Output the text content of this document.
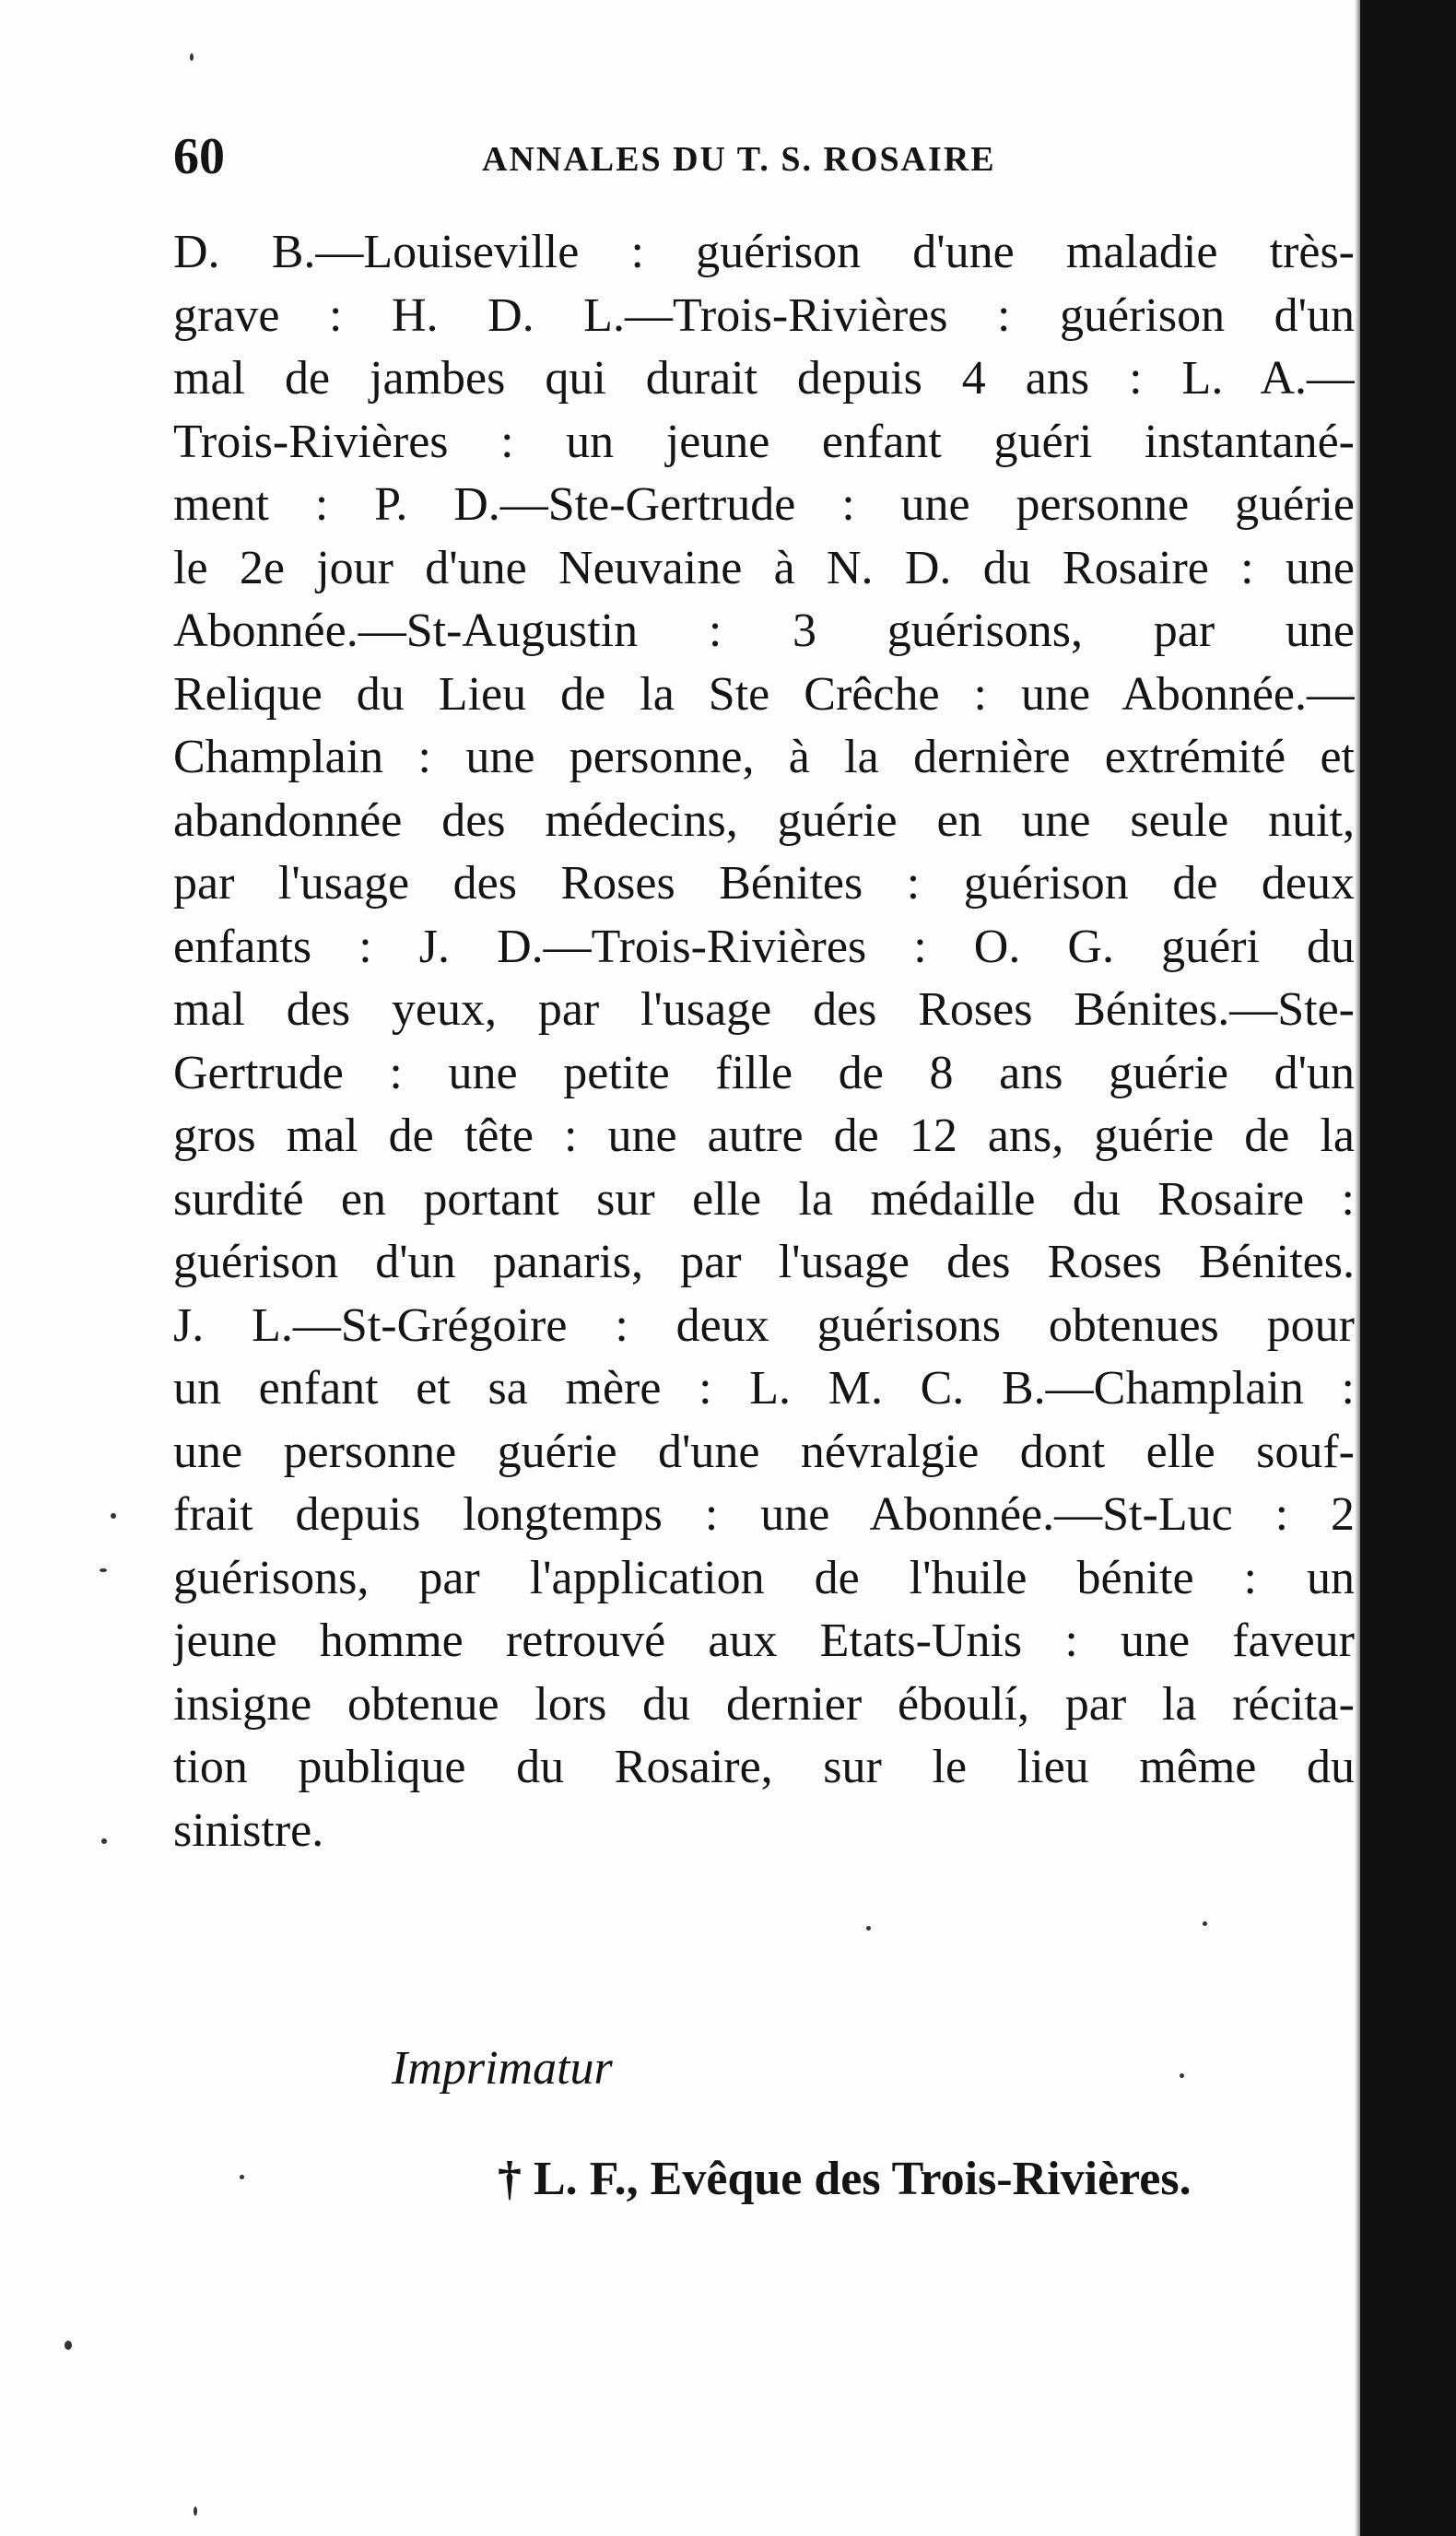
60	ANNALES DU T. S. ROSAIRE
D. B.—Louiseville : guérison d'une maladie très-
grave : H. D. L.—Trois-Rivières : guérison d'un
mal de jambes qui durait depuis 4 ans : L. A.—
Trois-Rivières : un jeune enfant guéri instantané-
ment : P. D.—Ste-Gertrude : une personne guérie
le 2e jour d'une Neuvaine à N. D. du Rosaire : une
Abonnée.—St-Augustin : 3 guérisons, par une
Relique du Lieu de la Ste Crêche : une Abonnée.—
Champlain : une personne, à la dernière extrémité et
abandonnée des médecins, guérie en une seule nuit,
par l'usage des Roses Bénites : guérison de deux
enfants : J. D.—Trois-Rivières : O. G. guéri du
mal des yeux, par l'usage des Roses Bénites.—Ste-
Gertrude : une petite fille de 8 ans guérie d'un
gros mal de tête : une autre de 12 ans, guérie de la
surdité en portant sur elle la médaille du Rosaire :
guérison d'un panaris, par l'usage des Roses Bénites.
J. L.—St-Grégoire : deux guérisons obtenues pour
un enfant et sa mère : L. M. C. B.—Champlain :
une personne guérie d'une névralgie dont elle souf-
frait depuis longtemps : une Abonnée.—St-Luc : 2
guérisons, par l'application de l'huile bénite : un
jeune homme retrouvé aux Etats-Unis : une faveur
insigne obtenue lors du dernier éboulí, par la récita-
tion publique du Rosaire, sur le lieu même du
sinistre.
Imprimatur
† L. F., Evêque des Trois-Rivières.
